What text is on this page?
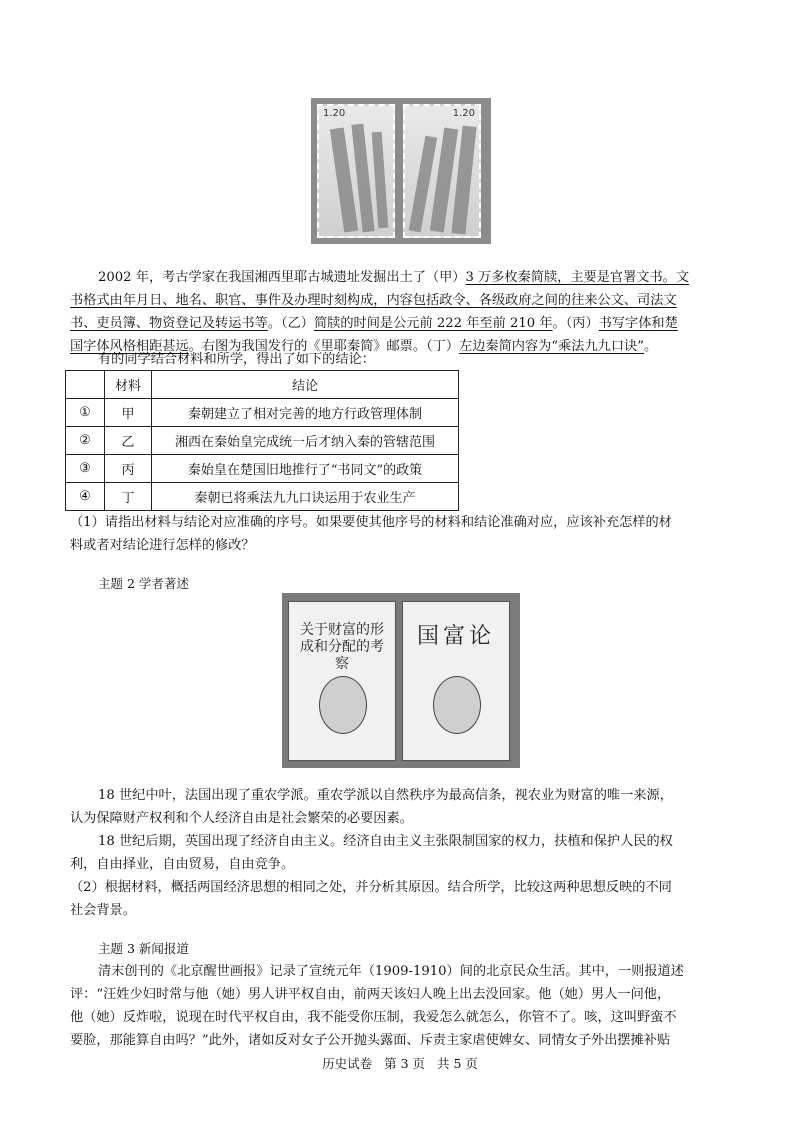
1.20	1.20
2002 年，考古学家在我国湘西里耶古城遗址发掘出土了（甲）3 万多枚秦简牍，主要是官署文书。文
书格式由年月日、地名、职官、事件及办理时刻构成，内容包括政令、各级政府之间的往来公文、司法文
书、吏员簿、物资登记及转运书等。（乙）简牍的时间是公元前 222 年至前 210 年。（丙）书写字体和楚
国字体风格相距甚远。右图为我国发行的《里耶秦简》邮票。（丁）左边秦简内容为“乘法九九口诀”。
有的同学结合材料和所学，得出了如下的结论：
	材料	结论
①	甲	秦朝建立了相对完善的地方行政管理体制
②	乙	湘西在秦始皇完成统一后才纳入秦的管辖范围
③	丙	秦始皇在楚国旧地推行了“书同文”的政策
④	丁	秦朝已将乘法九九口诀运用于农业生产
（1）请指出材料与结论对应准确的序号。如果要使其他序号的材料和结论准确对应，应该补充怎样的材
料或者对结论进行怎样的修改？
主题 2 学者著述
关于财富的形成和分配的考察
国富论
18 世纪中叶，法国出现了重农学派。重农学派以自然秩序为最高信条，视农业为财富的唯一来源，
认为保障财产权利和个人经济自由是社会繁荣的必要因素。
18 世纪后期，英国出现了经济自由主义。经济自由主义主张限制国家的权力，扶植和保护人民的权
利，自由择业，自由贸易，自由竞争。
（2）根据材料，概括两国经济思想的相同之处，并分析其原因。结合所学，比较这两种思想反映的不同
社会背景。
主题 3 新闻报道
清末创刊的《北京醒世画报》记录了宣统元年（1909-1910）间的北京民众生活。其中，一则报道述
评：“汪姓少妇时常与他（她）男人讲平权自由，前两天该妇人晚上出去没回家。他（她）男人一问他，
他（她）反炸啦，说现在时代平权自由，我不能受你压制，我爱怎么就怎么，你管不了。咳，这叫野蛮不
要脸，那能算自由吗？”此外，诸如反对女子公开抛头露面、斥责主家虐使婢女、同情女子外出摆摊补贴
历史试卷 第 3 页 共 5 页
